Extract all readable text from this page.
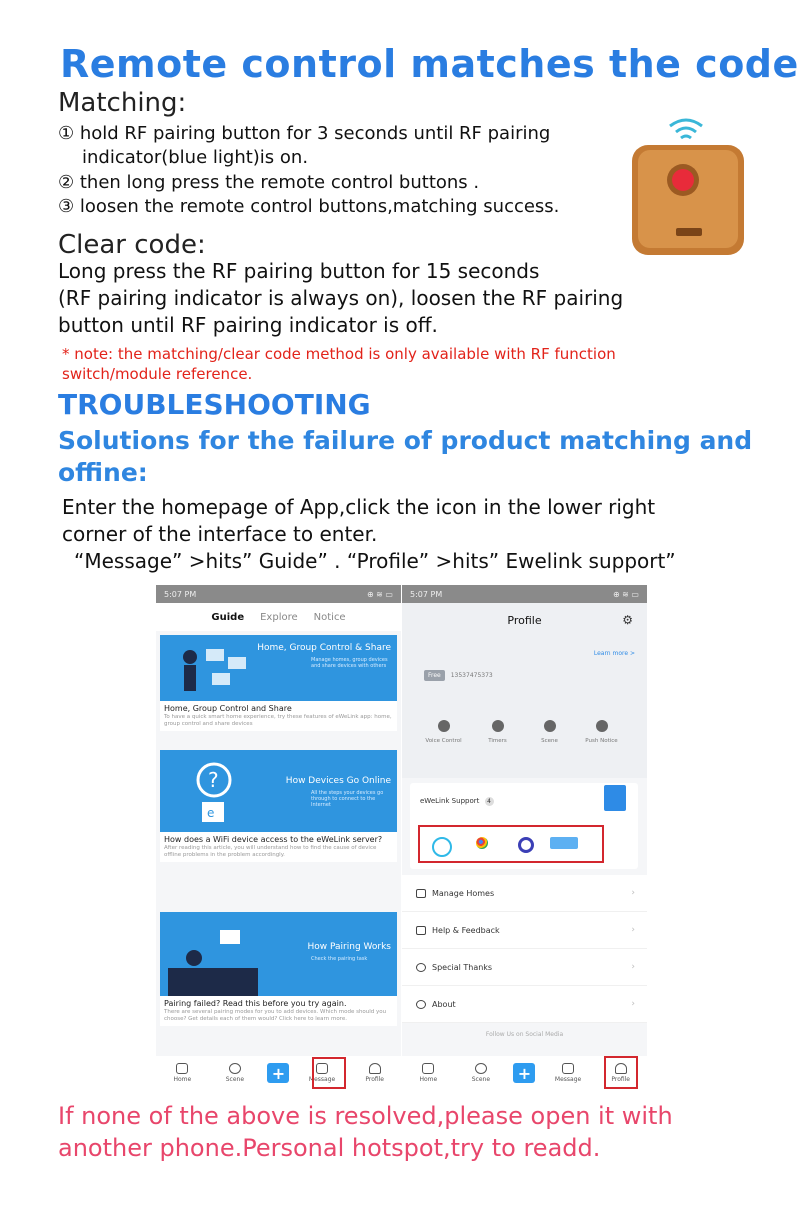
Remote control matches the code
Matching:
① hold RF pairing button for 3 seconds until RF pairing
indicator(blue light)is on.
② then long press the remote control buttons .
③ loosen the remote control buttons,matching success.
Clear code:
Long press the RF pairing button for 15 seconds
(RF pairing indicator is always on), loosen the RF pairing
button until RF pairing indicator is off.
* note: the matching/clear code method is only available with RF function
switch/module reference.
TROUBLESHOOTING
Solutions for the failure of product matching and
offine:
Enter the homepage of App,click the icon in the lower right
corner of the interface to enter.
“Message” >hits” Guide” . “Profile” >hits” Ewelink support”
5:07 PM	⊕ ≋ ▭
Guide Explore Notice
Home, Group Control & Share
Manage homes, group devices and share devices with others
Home, Group Control and Share
To have a quick smart home experience, try these features of eWeLink app: home, group control and share devices
?
e
How Devices Go Online
All the steps your devices go through to connect to the Internet
How does a WiFi device access to the eWeLink server?
After reading this article, you will understand how to find the cause of device offline problems in the problem accordingly.
How Pairing Works
Check the pairing task
Pairing failed? Read this before you try again.
There are several pairing modes for you to add devices. Which mode should you choose? Get details each of them would? Click here to learn more.
Home	Scene +	Message	Profile
5:07 PM	⊕ ≋ ▭
Profile	⚙
Learn more >
Free	13537475373
Voice Control	Timers	Scene	Push Notice
eWeLink Support 4
Manage Homes	›
Help & Feedback	›
Special Thanks	›
About	›
Follow Us on Social Media
Home	Scene +	Message	Profile
If none of the above is resolved,please open it with
another phone.Personal hotspot,try to readd.
